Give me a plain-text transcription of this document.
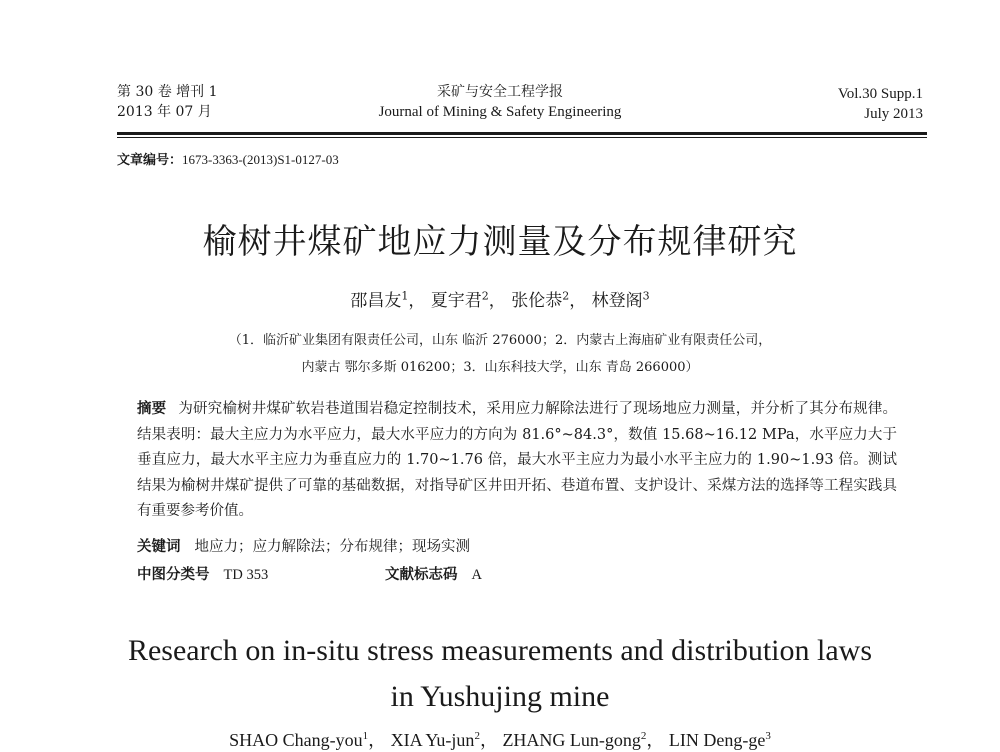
第 30 卷 增刊 1
2013 年 07 月
采矿与安全工程学报
Journal of Mining & Safety Engineering
Vol.30 Supp.1
July 2013
文章编号：1673-3363-(2013)S1-0127-03
榆树井煤矿地应力测量及分布规律研究
邵昌友$^1$， 夏宇君$^2$， 张伦恭$^2$， 林登阁$^3$
（1．临沂矿业集团有限责任公司，山东 临沂 276000；2．内蒙古上海庙矿业有限责任公司，
内蒙古 鄂尔多斯 016200；3．山东科技大学，山东 青岛 266000）
摘要 为研究榆树井煤矿软岩巷道围岩稳定控制技术，采用应力解除法进行了现场地应力测量，并分析了其分布规律。结果表明：最大主应力为水平应力，最大水平应力的方向为 81.6°~84.3°，数值 15.68~16.12 MPa，水平应力大于垂直应力，最大水平主应力为垂直应力的 1.70~1.76 倍，最大水平主应力为最小水平主应力的 1.90~1.93 倍。测试结果为榆树井煤矿提供了可靠的基础数据，对指导矿区井田开拓、巷道布置、支护设计、采煤方法的选择等工程实践具有重要参考价值。
关键词 地应力；应力解除法；分布规律；现场实测
中图分类号 TD 353	文献标志码 A
Research on in-situ stress measurements and distribution laws
in Yushujing mine
SHAO Chang-you$^1$， XIA Yu-jun$^2$， ZHANG Lun-gong$^2$， LIN Deng-$ge^3$
